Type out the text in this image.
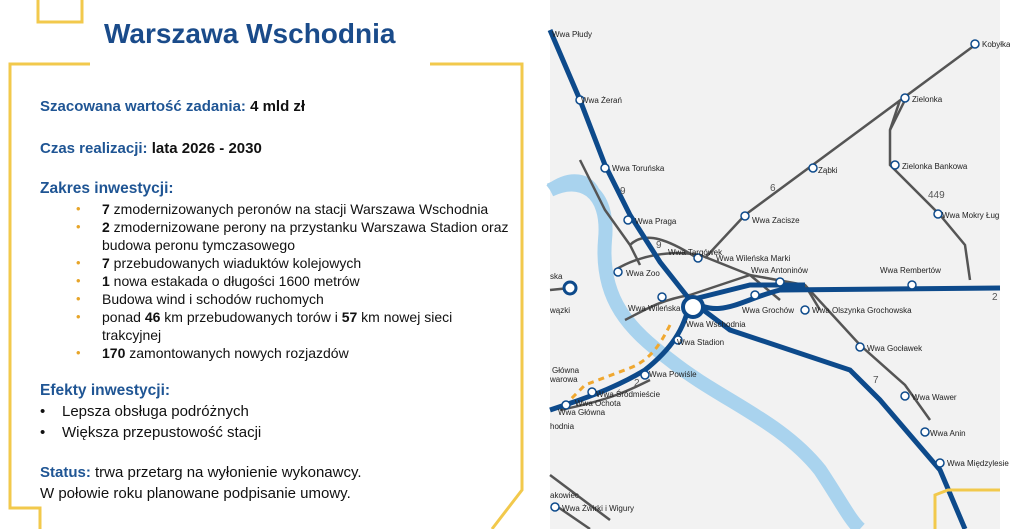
Warszawa Wschodnia
Szacowana wartość zadania: 4 mld zł
Czas realizacji: lata 2026 - 2030
Zakres inwestycji:
• 7 zmodernizowanych peronów na stacji Warszawa Wschodnia
• 2 zmodernizowane perony na przystanku Warszawa Stadion oraz budowa peronu tymczasowego
• 7 przebudowanych wiaduktów kolejowych
• 1 nowa estakada o długości 1600 metrów
• Budowa wind i schodów ruchomych
• ponad 46 km przebudowanych torów i 57 km nowej sieci trakcyjnej
• 170 zamontowanych nowych rozjazdów
Efekty inwestycji:
• Lepsza obsługa podróżnych
• Większa przepustowość stacji
Status: trwa przetarg na wyłonienie wykonawcy.
W połowie roku planowane podpisanie umowy.
Wwa Płudy
Kobyłka
Wwa Żerań	Zielonka
Wwa Toruńska	Ząbki	Zielonka Bankowa
Wwa Zacisze
Wwa Mokry Ług
Wwa Praga
Wwa Targówek
Wwa Wileńska Marki
Wwa Zoo	Wwa Antoninów	Wwa Rembertów
ska
Wwa Grochów Wwa Olszynka Grochowska
wązki	Wwa Wileńska
Wwa Wschodnia
Wwa Stadion
Wwa Gocławek
Główna
warowa
Wwa Powiśle
Wwa Ochota
Wwa Śródmieście
Wwa Główna
Wwa Wawer
hodnia
Wwa Anin
Wwa Międzylesie
akowiec
Wwa Żwirki i Wigury
9	6
449
9
7
2
2
